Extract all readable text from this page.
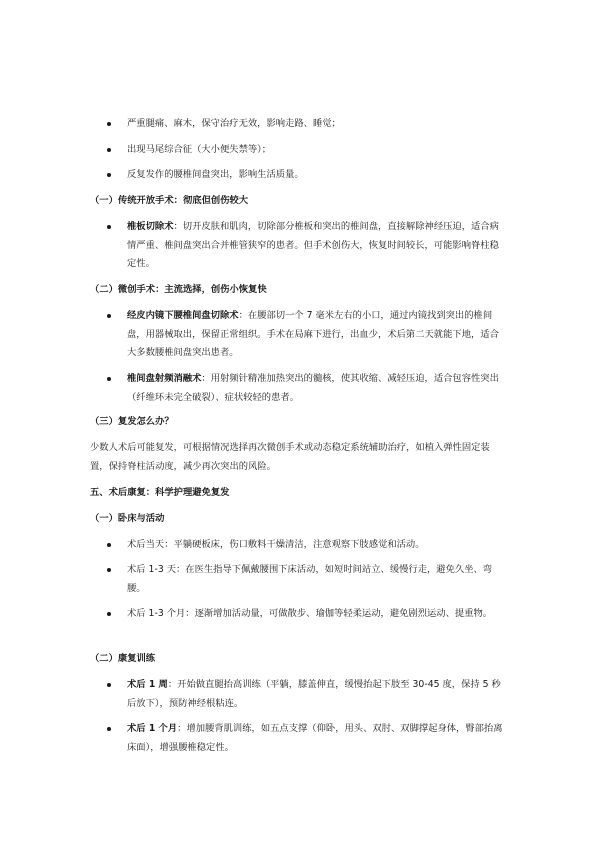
严重腿痛、麻木，保守治疗无效，影响走路、睡觉；
出现马尾综合征（大小便失禁等）；
反复发作的腰椎间盘突出，影响生活质量。
（一）传统开放手术：彻底但创伤较大
椎板切除术：切开皮肤和肌肉，切除部分椎板和突出的椎间盘，直接解除神经压迫，适合病情严重、椎间盘突出合并椎管狭窄的患者。但手术创伤大，恢复时间较长，可能影响脊柱稳定性。
（二）微创手术：主流选择，创伤小恢复快
经皮内镜下腰椎间盘切除术：在腰部切一个 7 毫米左右的小口，通过内镜找到突出的椎间盘，用器械取出，保留正常组织。手术在局麻下进行，出血少，术后第二天就能下地，适合大多数腰椎间盘突出患者。
椎间盘射频消融术：用射频针精准加热突出的髓核，使其收缩、减轻压迫，适合包容性突出（纤维环未完全破裂）、症状较轻的患者。
（三）复发怎么办？
少数人术后可能复发，可根据情况选择再次微创手术或动态稳定系统辅助治疗，如植入弹性固定装置，保持脊柱活动度，减少再次突出的风险。
五、术后康复：科学护理避免复发
（一）卧床与活动
术后当天：平躺硬板床，伤口敷料干燥清洁，注意观察下肢感觉和活动。
术后 1-3 天：在医生指导下佩戴腰围下床活动，如短时间站立、缓慢行走，避免久坐、弯腰。
术后 1-3 个月：逐渐增加活动量，可做散步、瑜伽等轻柔运动，避免剧烈运动、提重物。
（二）康复训练
术后 1 周：开始做直腿抬高训练（平躺，膝盖伸直，缓慢抬起下肢至 30-45 度，保持 5 秒后放下），预防神经根粘连。
术后 1 个月：增加腰背肌训练，如五点支撑（仰卧，用头、双肘、双脚撑起身体，臀部抬离床面），增强腰椎稳定性。
